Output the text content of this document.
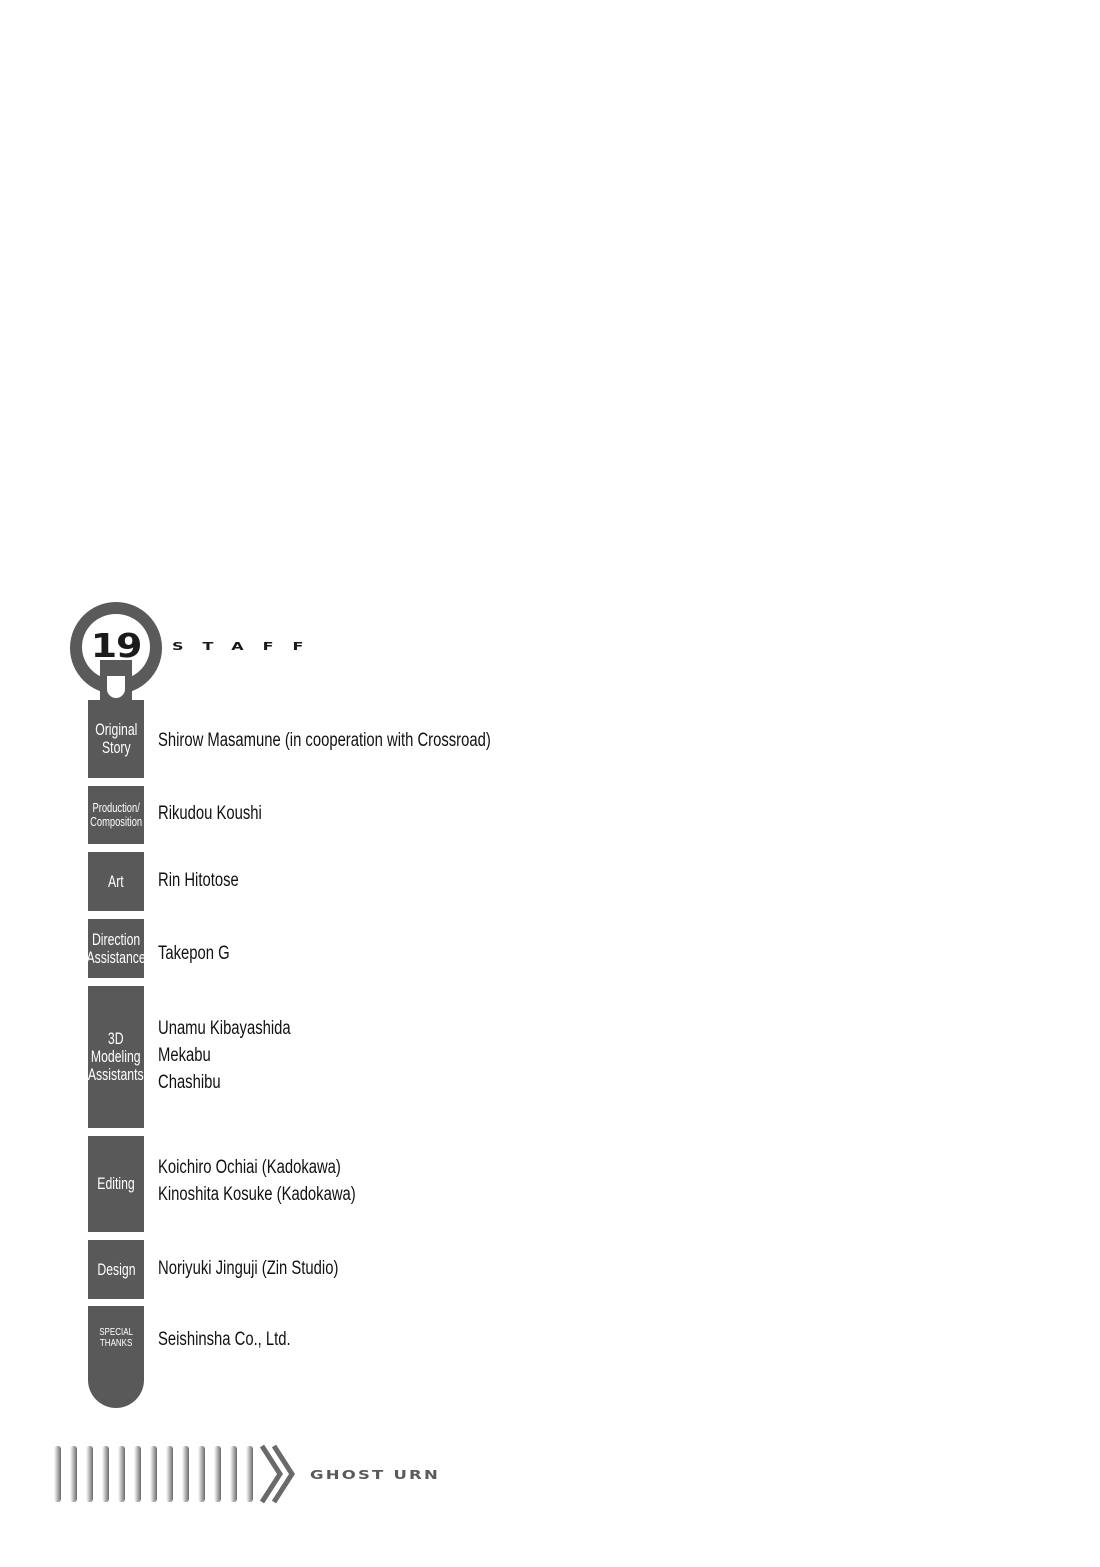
19	STAFF
Original
Story	Shirow Masamune (in cooperation with Crossroad)
Production/
Composition Rikudou Koushi
Art Rin Hitotose
Direction
Assistance Takepon G
3D
Modeling
Assistants
Unamu Kibayashida
Mekabu
Chashibu
Editing
Koichiro Ochiai (Kadokawa)
Kinoshita Kosuke (Kadokawa)
Design Noriyuki Jinguji (Zin Studio)
SPECIAL
THANKS Seishinsha Co., Ltd.
GHOST URN
